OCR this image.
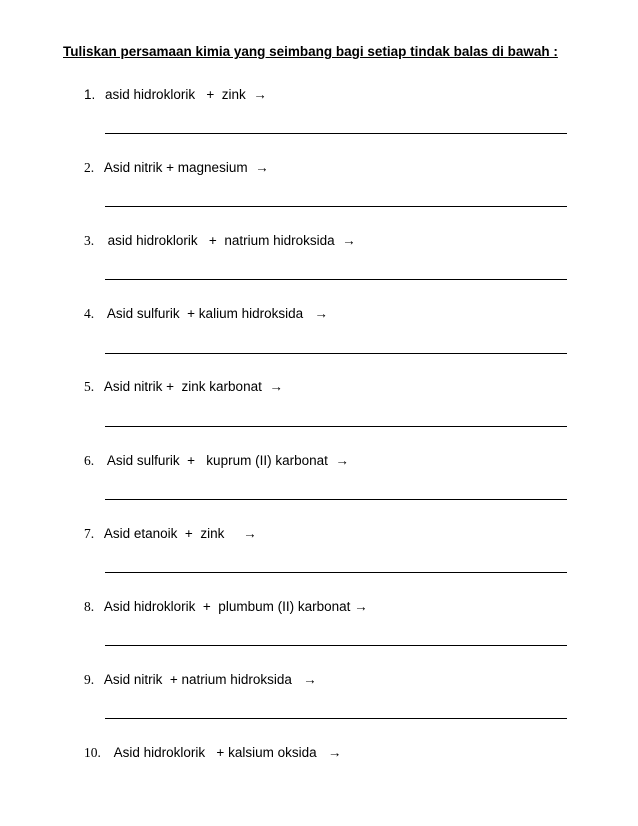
Tuliskan persamaan kimia yang seimbang bagi setiap tindak balas di bawah :
1. asid hidroklorik   +  zink  →
2. Asid nitrik + magnesium  →
3.  asid hidroklorik   +  natrium hidroksida  →
4.  Asid sulfurik  + kalium hidroksida   →
5. Asid nitrik +  zink karbonat  →
6.  Asid sulfurik  +   kuprum (II) karbonat  →
7. Asid etanoik  +  zink     →
8. Asid hidroklorik  +  plumbum (II) karbonat →
9. Asid nitrik  + natrium hidroksida   →
10.  Asid hidroklorik   + kalsium oksida   →
